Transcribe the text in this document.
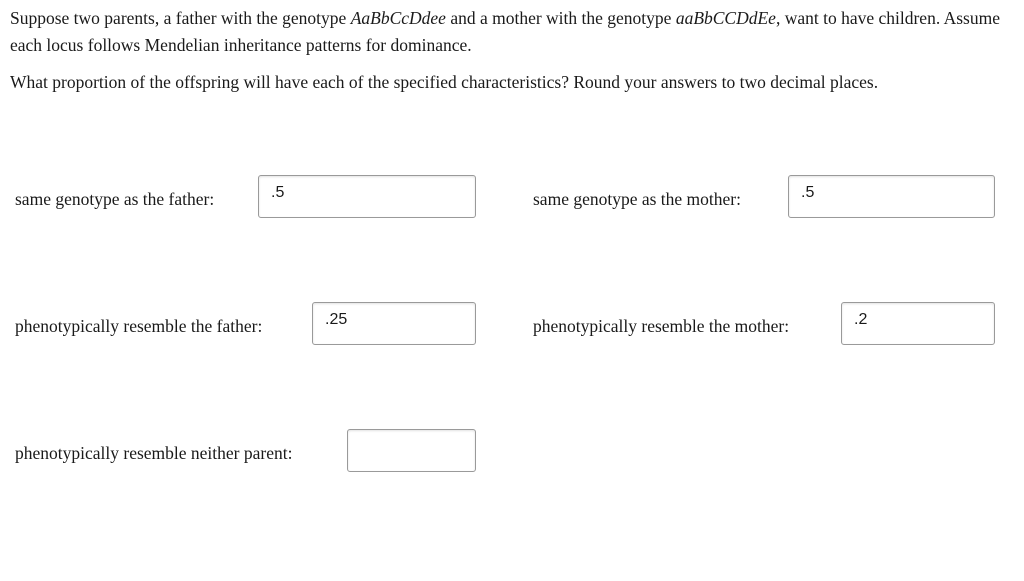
Suppose two parents, a father with the genotype AaBbCcDdee and a mother with the genotype aaBbCCDdEe, want to have children. Assume each locus follows Mendelian inheritance patterns for dominance.

What proportion of the offspring will have each of the specified characteristics? Round your answers to two decimal places.

same genotype as the father:
.5	same genotype as the mother:
.5
phenotypically resemble the father:
.25	phenotypically resemble the mother:
.2
phenotypically resemble neither parent:
